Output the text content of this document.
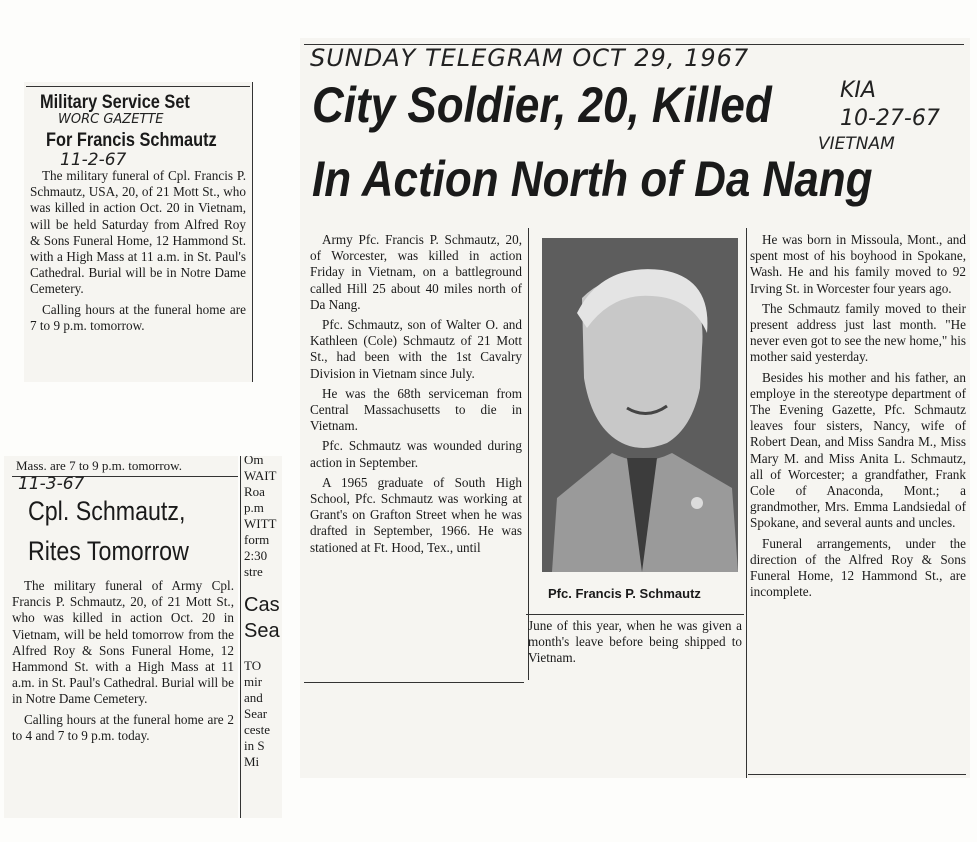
Military Service Set
WORC GAZETTE
For Francis Schmautz
11-2-67

The military funeral of Cpl. Francis P. Schmautz, USA, 20, of 21 Mott St., who was killed in action Oct. 20 in Vietnam, will be held Saturday from Alfred Roy & Sons Funeral Home, 12 Hammond St. with a High Mass at 11 a.m. in St. Paul's Cathedral. Burial will be in Notre Dame Cemetery.

Calling hours at the funeral home are 7 to 9 p.m. tomorrow.

Mass. are 7 to 9 p.m. tomorrow.
11-3-67
Cpl. Schmautz,
Rites Tomorrow

The military funeral of Army Cpl. Francis P. Schmautz, 20, of 21 Mott St., who was killed in action Oct. 20 in Vietnam, will be held tomorrow from the Alfred Roy & Sons Funeral Home, 12 Hammond St. with a High Mass at 11 a.m. in St. Paul's Cathedral. Burial will be in Notre Dame Cemetery.

Calling hours at the funeral home are 2 to 4 and 7 to 9 p.m. today.

Om

WAIT

Roa

p.m

WITT

form

2:30

stre

Cas

Sea

TO

mir

and

Sear

ceste

in S

Mi

SUNDAY TELEGRAM OCT 29, 1967
KIA
10-27-67
VIETNAM
City Soldier, 20, Killed
In Action North of Da Nang

Army Pfc. Francis P. Schmautz, 20, of Worcester, was killed in action Friday in Vietnam, on a battleground called Hill 25 about 40 miles north of Da Nang.

Pfc. Schmautz, son of Walter O. and Kathleen (Cole) Schmautz of 21 Mott St., had been with the 1st Cavalry Division in Vietnam since July.

He was the 68th serviceman from Central Massachusetts to die in Vietnam.

Pfc. Schmautz was wounded during action in September.

A 1965 graduate of South High School, Pfc. Schmautz was working at Grant's on Grafton Street when he was drafted in September, 1966. He was stationed at Ft. Hood, Tex., until

Pfc. Francis P. Schmautz

June of this year, when he was given a month's leave before being shipped to Vietnam.

He was born in Missoula, Mont., and spent most of his boyhood in Spokane, Wash. He and his family moved to 92 Irving St. in Worcester four years ago.

The Schmautz family moved to their present address just last month. "He never even got to see the new home," his mother said yesterday.

Besides his mother and his father, an employe in the stereotype department of The Evening Gazette, Pfc. Schmautz leaves four sisters, Nancy, wife of Robert Dean, and Miss Sandra M., Miss Mary M. and Miss Anita L. Schmautz, all of Worcester; a grandfather, Frank Cole of Anaconda, Mont.; a grandmother, Mrs. Emma Landsiedal of Spokane, and several aunts and uncles.

Funeral arrangements, under the direction of the Alfred Roy & Sons Funeral Home, 12 Hammond St., are incomplete.
